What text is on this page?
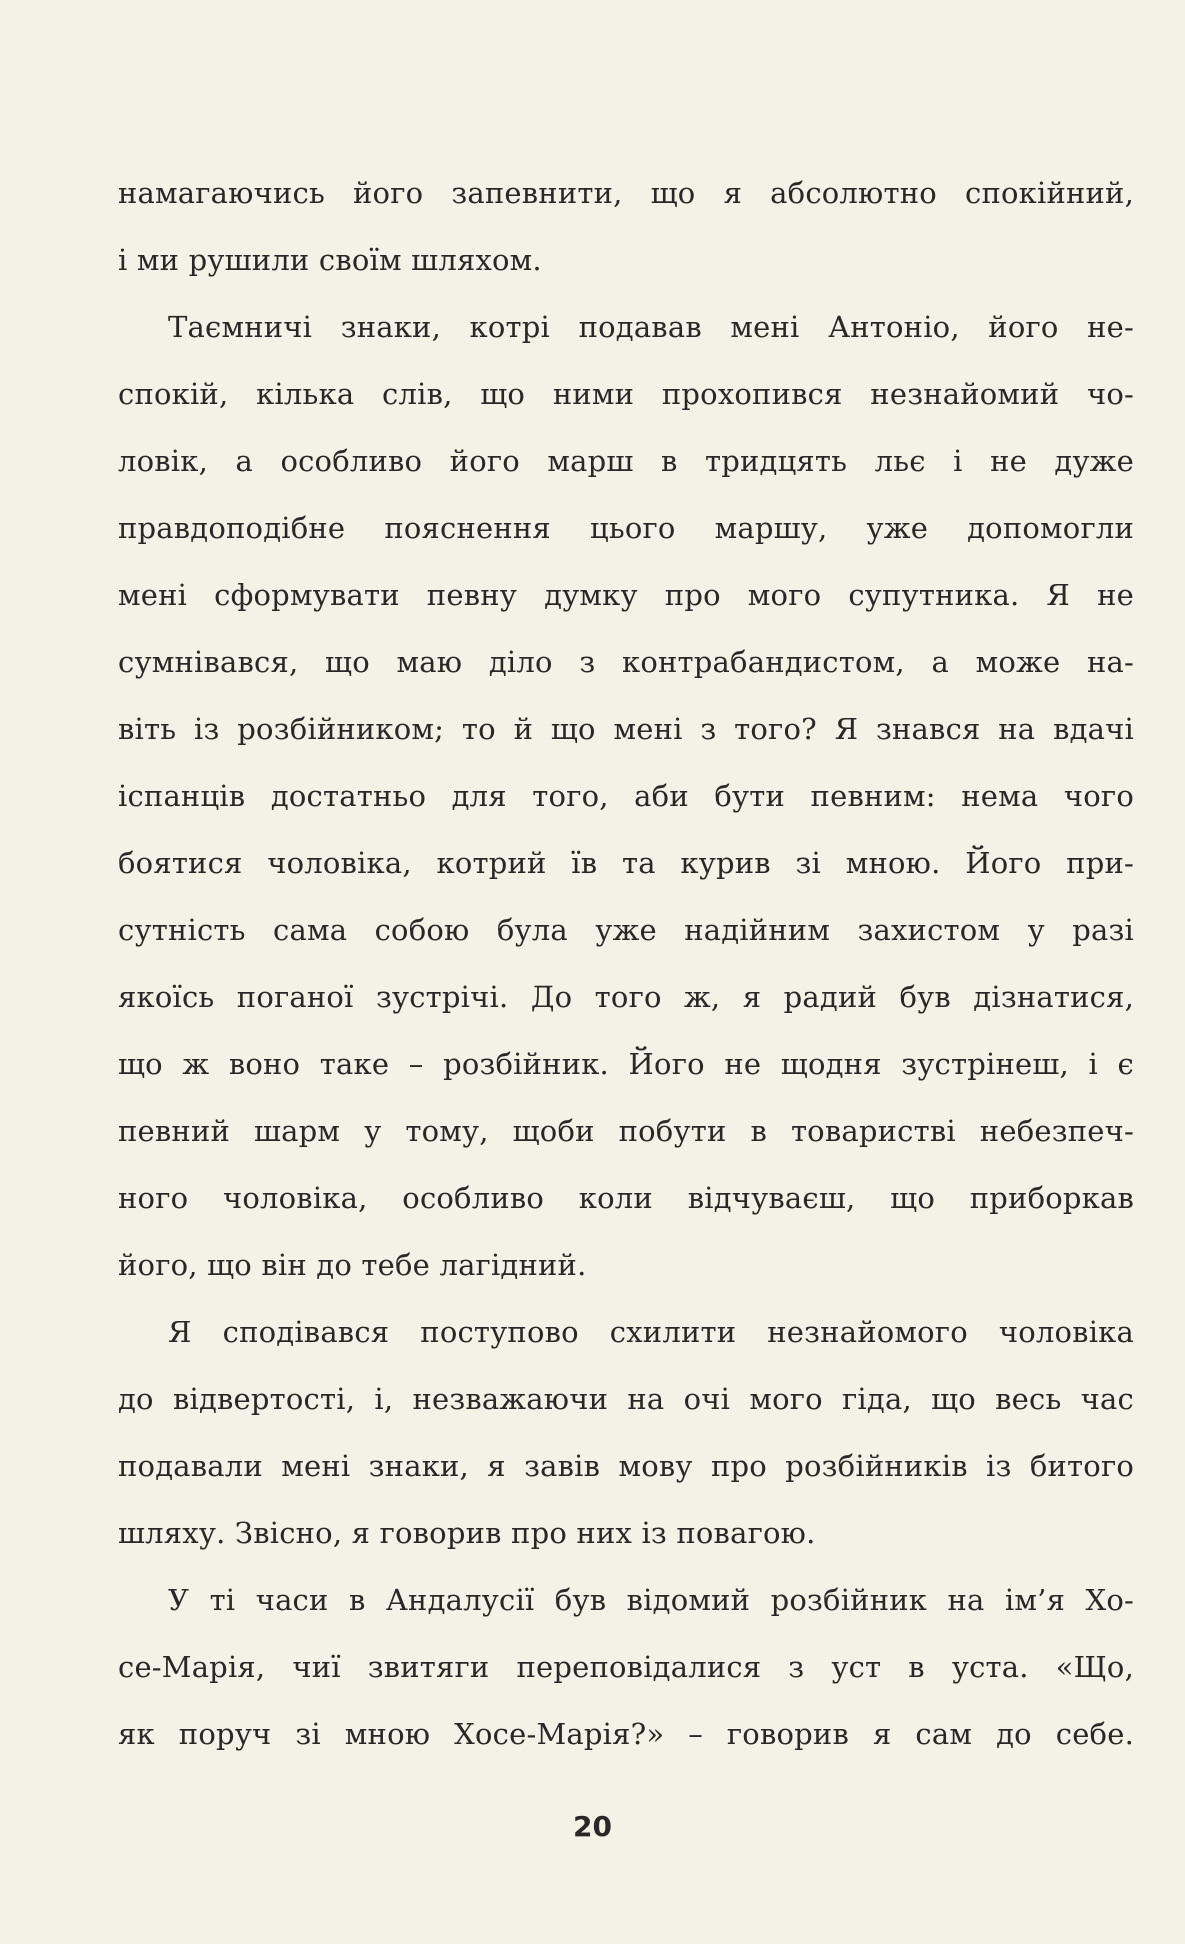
намагаючись його запевнити, що я абсолютно спокійний,
і ми рушили своїм шляхом.
Таємничі знаки, котрі подавав мені Антоніо, його не-
спокій, кілька слів, що ними прохопився незнайомий чо-
ловік, а особливо його марш в тридцять льє і не дуже
правдоподібне пояснення цього маршу, уже допомогли
мені сформувати певну думку про мого супутника. Я не
сумнівався, що маю діло з контрабандистом, а може на-
віть із розбійником; то й що мені з того? Я знався на вдачі
іспанців достатньо для того, аби бути певним: нема чого
боятися чоловіка, котрий їв та курив зі мною. Його при-
сутність сама собою була уже надійним захистом у разі
якоїсь поганої зустрічі. До того ж, я радий був дізнатися,
що ж воно таке – розбійник. Його не щодня зустрінеш, і є
певний шарм у тому, щоби побути в товаристві небезпеч-
ного чоловіка, особливо коли відчуваєш, що приборкав
його, що він до тебе лагідний.
Я сподівався поступово схилити незнайомого чоловіка
до відвертості, і, незважаючи на очі мого гіда, що весь час
подавали мені знаки, я завів мову про розбійників із битого
шляху. Звісно, я говорив про них із повагою.
У ті часи в Андалусії був відомий розбійник на ім’я Хо-
се-Марія, чиї звитяги переповідалися з уст в уста. «Що,
як поруч зі мною Хосе-Марія?» – говорив я сам до себе.
20
